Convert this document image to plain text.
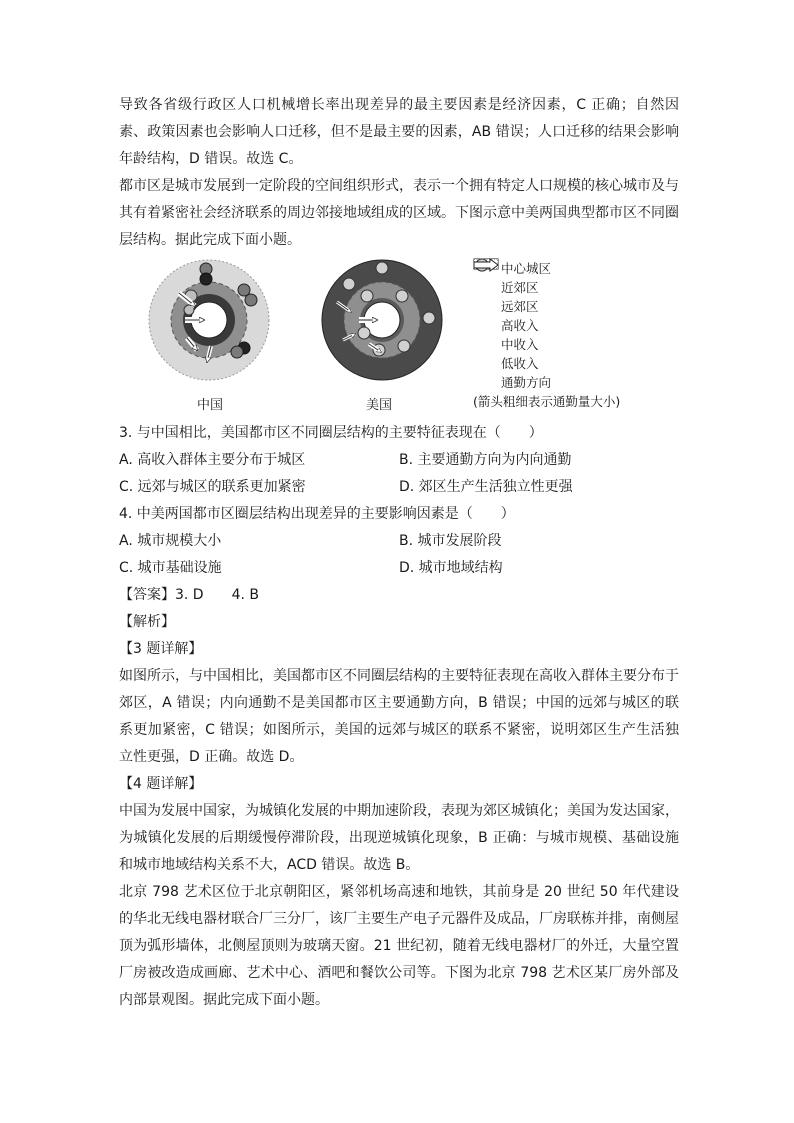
导致各省级行政区人口机械增长率出现差异的最主要因素是经济因素，C 正确；自然因素、政策因素也会影响人口迁移，但不是最主要的因素，AB 错误；人口迁移的结果会影响年龄结构，D 错误。故选 C。

都市区是城市发展到一定阶段的空间组织形式，表示一个拥有特定人口规模的核心城市及与其有着紧密社会经济联系的周边邻接地域组成的区域。下图示意中美两国典型都市区不同圈层结构。据此完成下面小题。

中国	美国
中心城区
近郊区
远郊区
高收入
中收入
低收入
通勤方向
(箭头粗细表示通勤量大小)
3. 与中国相比，美国都市区不同圈层结构的主要特征表现在（　　）
A. 高收入群体主要分布于城区	B. 主要通勤方向为内向通勤
C. 远郊与城区的联系更加紧密	D. 郊区生产生活独立性更强
4. 中美两国都市区圈层结构出现差异的主要影响因素是（　　）
A. 城市规模大小	B. 城市发展阶段
C. 城市基础设施	D. 城市地域结构
【答案】3. D　　4. B
【解析】
【3 题详解】

如图所示，与中国相比，美国都市区不同圈层结构的主要特征表现在高收入群体主要分布于郊区，A 错误；内向通勤不是美国都市区主要通勤方向，B 错误；中国的远郊与城区的联系更加紧密，C 错误；如图所示，美国的远郊与城区的联系不紧密，说明郊区生产生活独立性更强，D 正确。故选 D。

【4 题详解】

中国为发展中国家，为城镇化发展的中期加速阶段，表现为郊区城镇化；美国为发达国家，为城镇化发展的后期缓慢停滞阶段，出现逆城镇化现象，B 正确：与城市规模、基础设施和城市地域结构关系不大，ACD 错误。故选 B。

北京 798 艺术区位于北京朝阳区，紧邻机场高速和地铁，其前身是 20 世纪 50 年代建设的华北无线电器材联合厂三分厂，该厂主要生产电子元器件及成品，厂房联栋并排，南侧屋顶为弧形墙体，北侧屋顶则为玻璃天窗。21 世纪初，随着无线电器材厂的外迁，大量空置厂房被改造成画廊、艺术中心、酒吧和餐饮公司等。下图为北京 798 艺术区某厂房外部及内部景观图。据此完成下面小题。
